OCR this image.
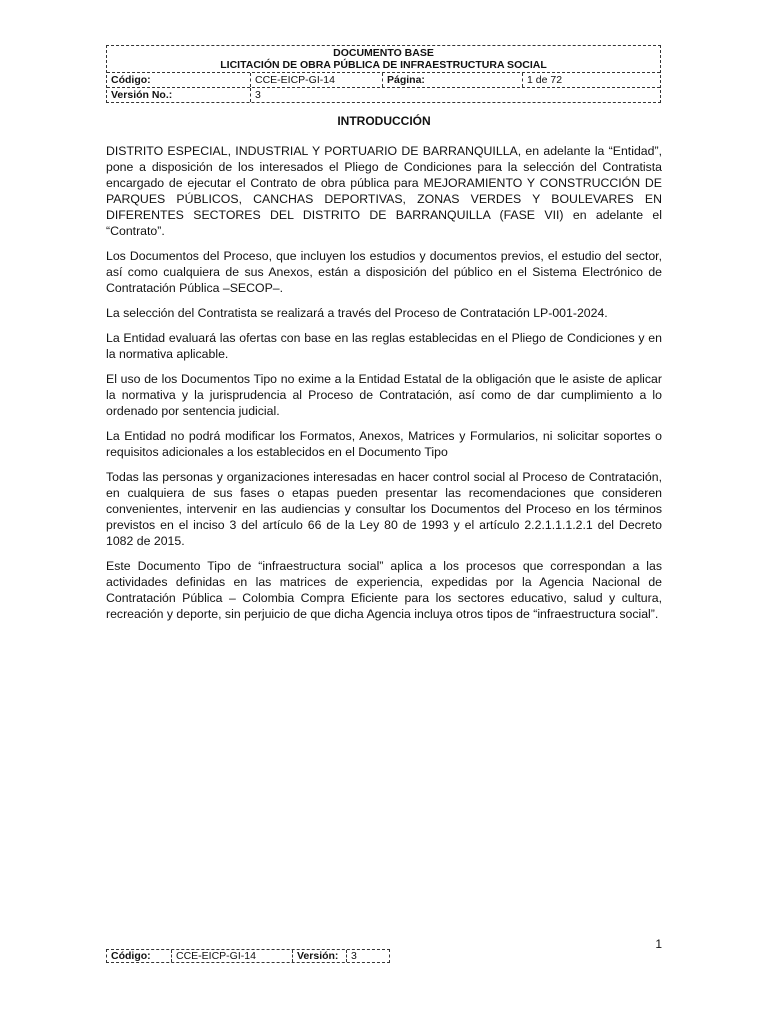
DOCUMENTO BASE
LICITACIÓN DE OBRA PÚBLICA DE INFRAESTRUCTURA SOCIAL
Código:	CCE-EICP-GI-14	Página:	1 de 72
Versión No.:	3
INTRODUCCIÓN

DISTRITO ESPECIAL, INDUSTRIAL Y PORTUARIO DE BARRANQUILLA, en adelante la “Entidad”, pone a disposición de los interesados el Pliego de Condiciones para la selección del Contratista encargado de ejecutar el Contrato de obra pública para MEJORAMIENTO Y CONSTRUCCIÓN DE PARQUES PÚBLICOS, CANCHAS DEPORTIVAS, ZONAS VERDES Y BOULEVARES EN DIFERENTES SECTORES DEL DISTRITO DE BARRANQUILLA (FASE VII) en adelante el “Contrato”.

Los Documentos del Proceso, que incluyen los estudios y documentos previos, el estudio del sector, así como cualquiera de sus Anexos, están a disposición del público en el Sistema Electrónico de Contratación Pública –SECOP–.

La selección del Contratista se realizará a través del Proceso de Contratación LP-001-2024.

La Entidad evaluará las ofertas con base en las reglas establecidas en el Pliego de Condiciones y en la normativa aplicable.

El uso de los Documentos Tipo no exime a la Entidad Estatal de la obligación que le asiste de aplicar la normativa y la jurisprudencia al Proceso de Contratación, así como de dar cumplimiento a lo ordenado por sentencia judicial.

La Entidad no podrá modificar los Formatos, Anexos, Matrices y Formularios, ni solicitar soportes o requisitos adicionales a los establecidos en el Documento Tipo

Todas las personas y organizaciones interesadas en hacer control social al Proceso de Contratación, en cualquiera de sus fases o etapas pueden presentar las recomendaciones que consideren convenientes, intervenir en las audiencias y consultar los Documentos del Proceso en los términos previstos en el inciso 3 del artículo 66 de la Ley 80 de 1993 y el artículo 2.2.1.1.1.2.1 del Decreto 1082 de 2015.

Este Documento Tipo de “infraestructura social” aplica a los procesos que correspondan a las actividades definidas en las matrices de experiencia, expedidas por la Agencia Nacional de Contratación Pública – Colombia Compra Eficiente para los sectores educativo, salud y cultura, recreación y deporte, sin perjuicio de que dicha Agencia incluya otros tipos de “infraestructura social”.

1
Código:	CCE-EICP-GI-14	Versión:	3
